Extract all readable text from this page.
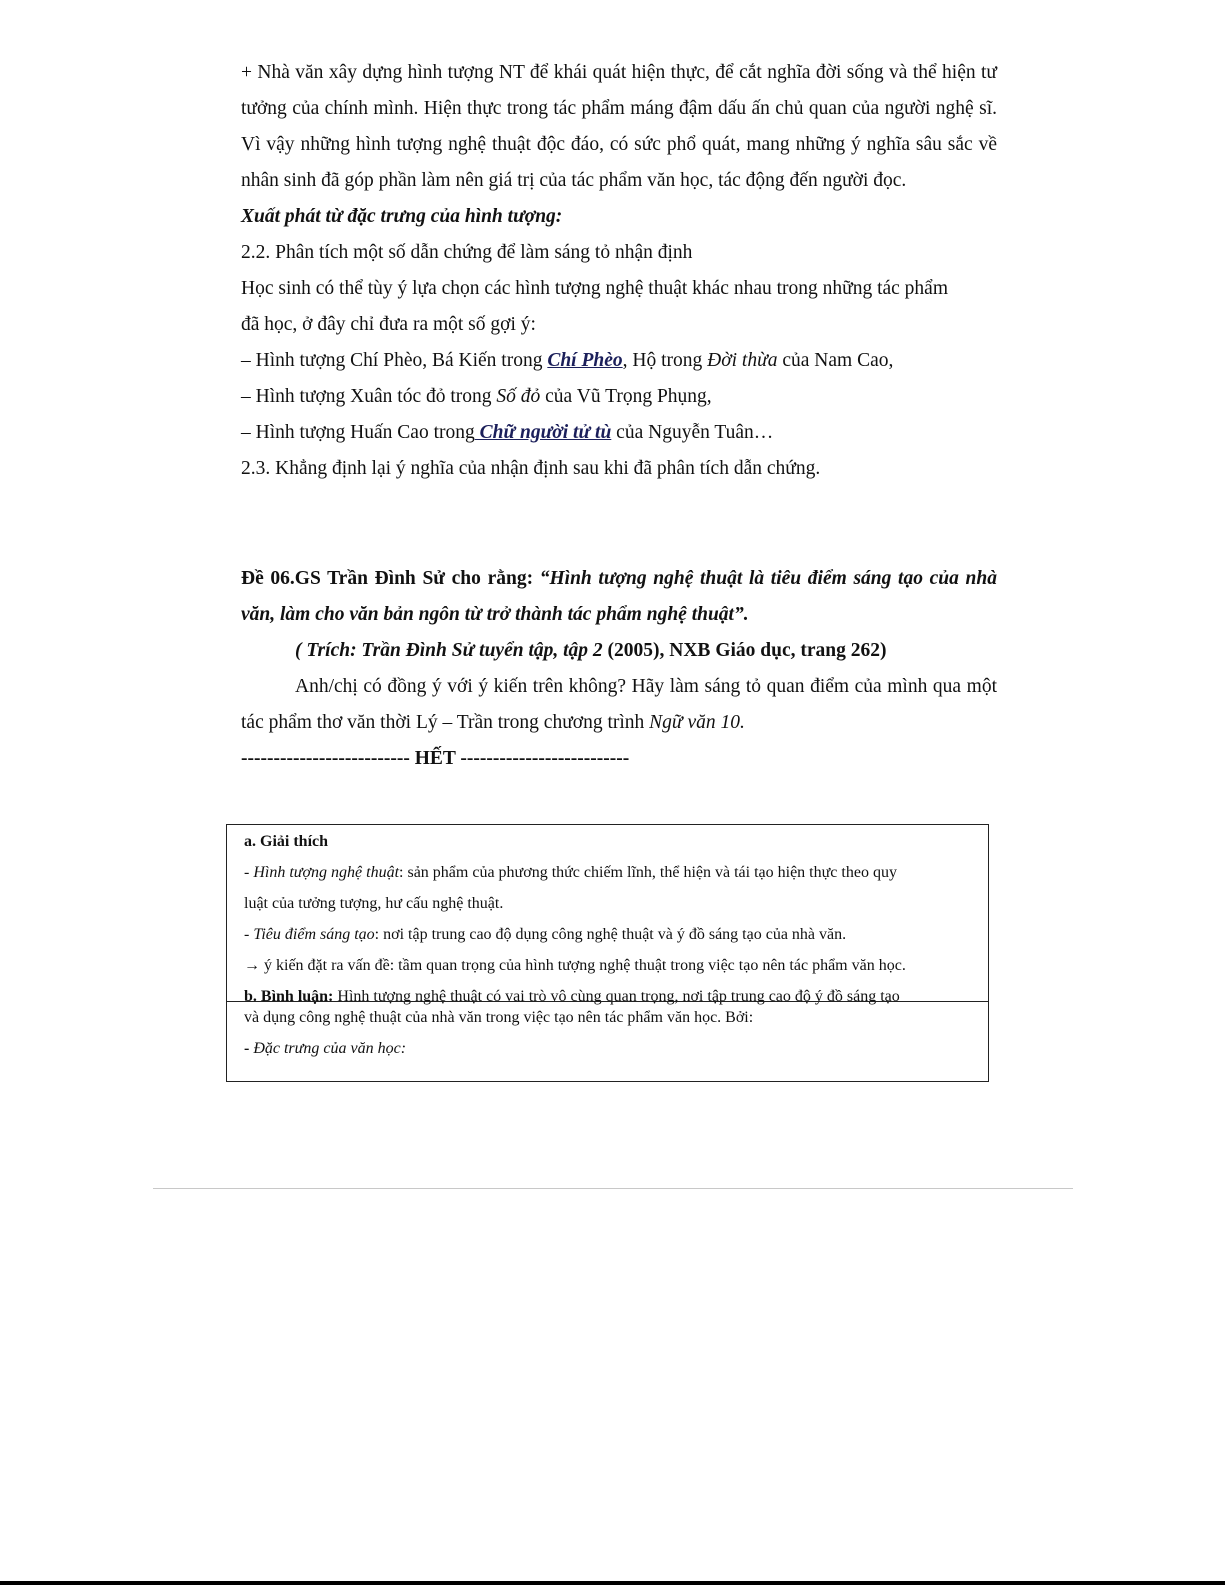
+ Nhà văn xây dựng hình tượng NT để khái quát hiện thực, để cắt nghĩa đời sống và thể hiện tư tưởng của chính mình. Hiện thực trong tác phẩm máng đậm dấu ấn chủ quan của người nghệ sĩ. Vì vậy những hình tượng nghệ thuật độc đáo, có sức phổ quát, mang những ý nghĩa sâu sắc về nhân sinh đã góp phần làm nên giá trị của tác phẩm văn học, tác động đến người đọc.

Xuất phát từ đặc trưng của hình tượng:

2.2. Phân tích một số dẫn chứng để làm sáng tỏ nhận định

Học sinh có thể tùy ý lựa chọn các hình tượng nghệ thuật khác nhau trong những tác phẩm đã học, ở đây chỉ đưa ra một số gợi ý:

– Hình tượng Chí Phèo, Bá Kiến trong Chí Phèo, Hộ trong Đời thừa của Nam Cao,

– Hình tượng Xuân tóc đỏ trong Số đỏ của Vũ Trọng Phụng,

– Hình tượng Huấn Cao trong Chữ người tử tù của Nguyễn Tuân…

2.3. Khẳng định lại ý nghĩa của nhận định sau khi đã phân tích dẫn chứng.

Đề 06.GS Trần Đình Sử cho rằng: “Hình tượng nghệ thuật là tiêu điểm sáng tạo của nhà văn, làm cho văn bản ngôn từ trở thành tác phẩm nghệ thuật”.

( Trích: Trần Đình Sử tuyển tập, tập 2 (2005), NXB Giáo dục, trang 262)

Anh/chị có đồng ý với ý kiến trên không? Hãy làm sáng tỏ quan điểm của mình qua một tác phẩm thơ văn thời Lý – Trần trong chương trình Ngữ văn 10.

-------------------------- HẾT --------------------------

a. Giải thích
- Hình tượng nghệ thuật: sản phẩm của phương thức chiếm lĩnh, thể hiện và tái tạo hiện thực theo quy
luật của tưởng tượng, hư cấu nghệ thuật.
- Tiêu điểm sáng tạo: nơi tập trung cao độ dụng công nghệ thuật và ý đồ sáng tạo của nhà văn.
→ ý kiến đặt ra vấn đề: tầm quan trọng của hình tượng nghệ thuật trong việc tạo nên tác phẩm văn học.
b. Bình luận: Hình tượng nghệ thuật có vai trò vô cùng quan trọng, nơi tập trung cao độ ý đồ sáng tạo
và dụng công nghệ thuật của nhà văn trong việc tạo nên tác phẩm văn học. Bởi:
- Đặc trưng của văn học:
